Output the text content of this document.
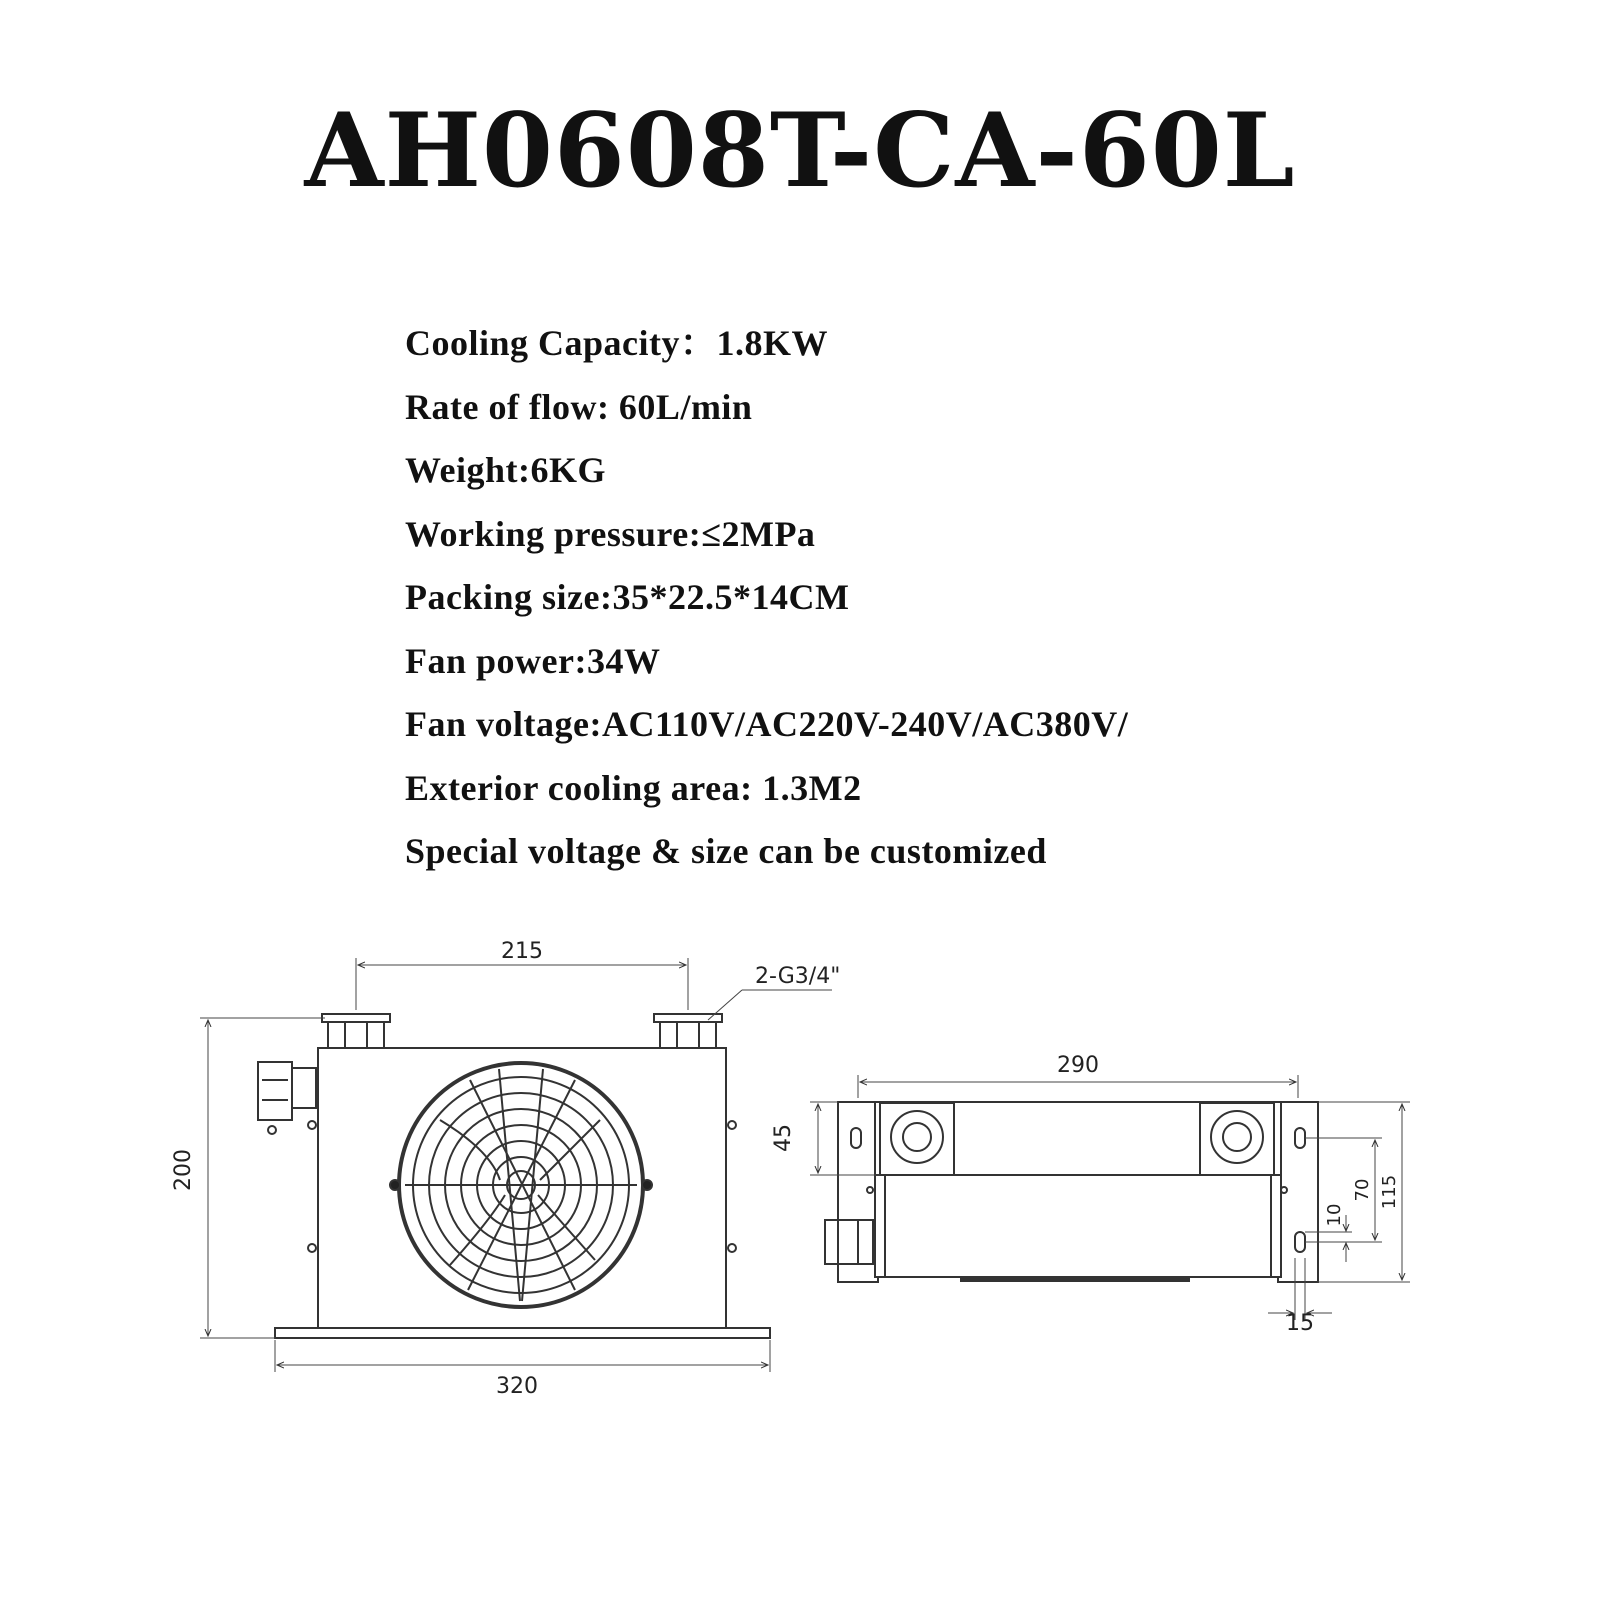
AH0608T-CA-60L
Cooling Capacity：1.8KW
Rate of flow: 60L/min
Weight:6KG
Working pressure:≤2MPa
Packing size:35*22.5*14CM
Fan power:34W
Fan voltage:AC110V/AC220V-240V/AC380V/
Exterior cooling area: 1.3M2
Special voltage & size can be customized
215
2-G3/4"
200
320
290
45
115
70
10
15
